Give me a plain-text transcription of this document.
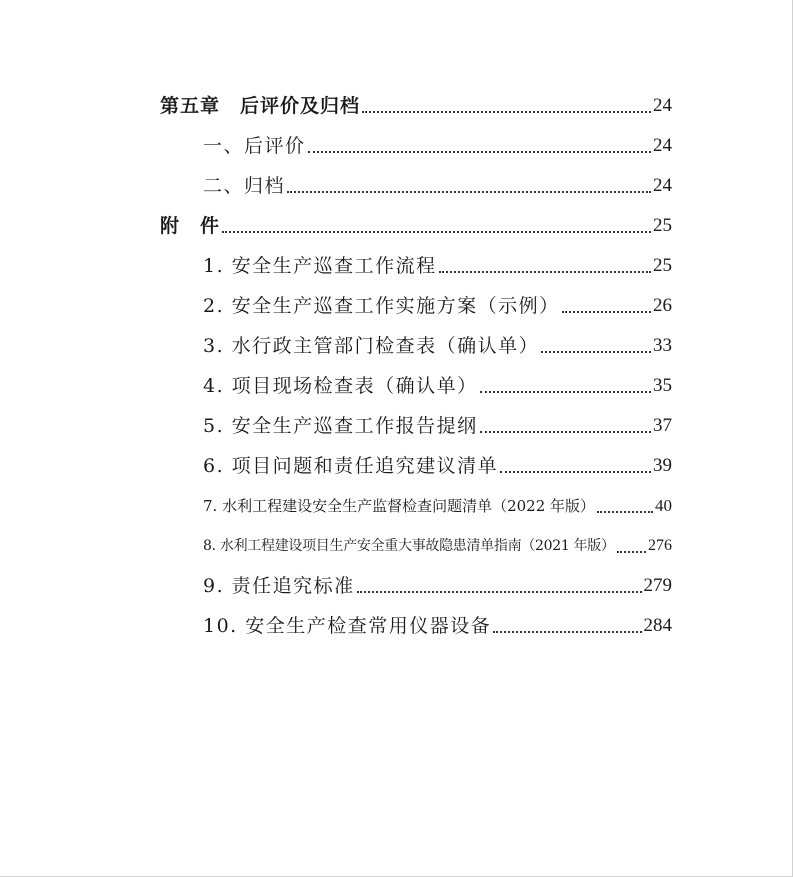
第五章　后评价及归档	24
一、后评价	24
二、归档	24
附　件	25
1. 安全生产巡查工作流程	25
2. 安全生产巡查工作实施方案（示例）	26
3. 水行政主管部门检查表（确认单）	33
4. 项目现场检查表（确认单）	35
5. 安全生产巡查工作报告提纲	37
6. 项目问题和责任追究建议清单	39
7. 水利工程建设安全生产监督检查问题清单（2022 年版）	40
8. 水利工程建设项目生产安全重大事故隐患清单指南（2021 年版） 276
9. 责任追究标准	279
10. 安全生产检查常用仪器设备	284
